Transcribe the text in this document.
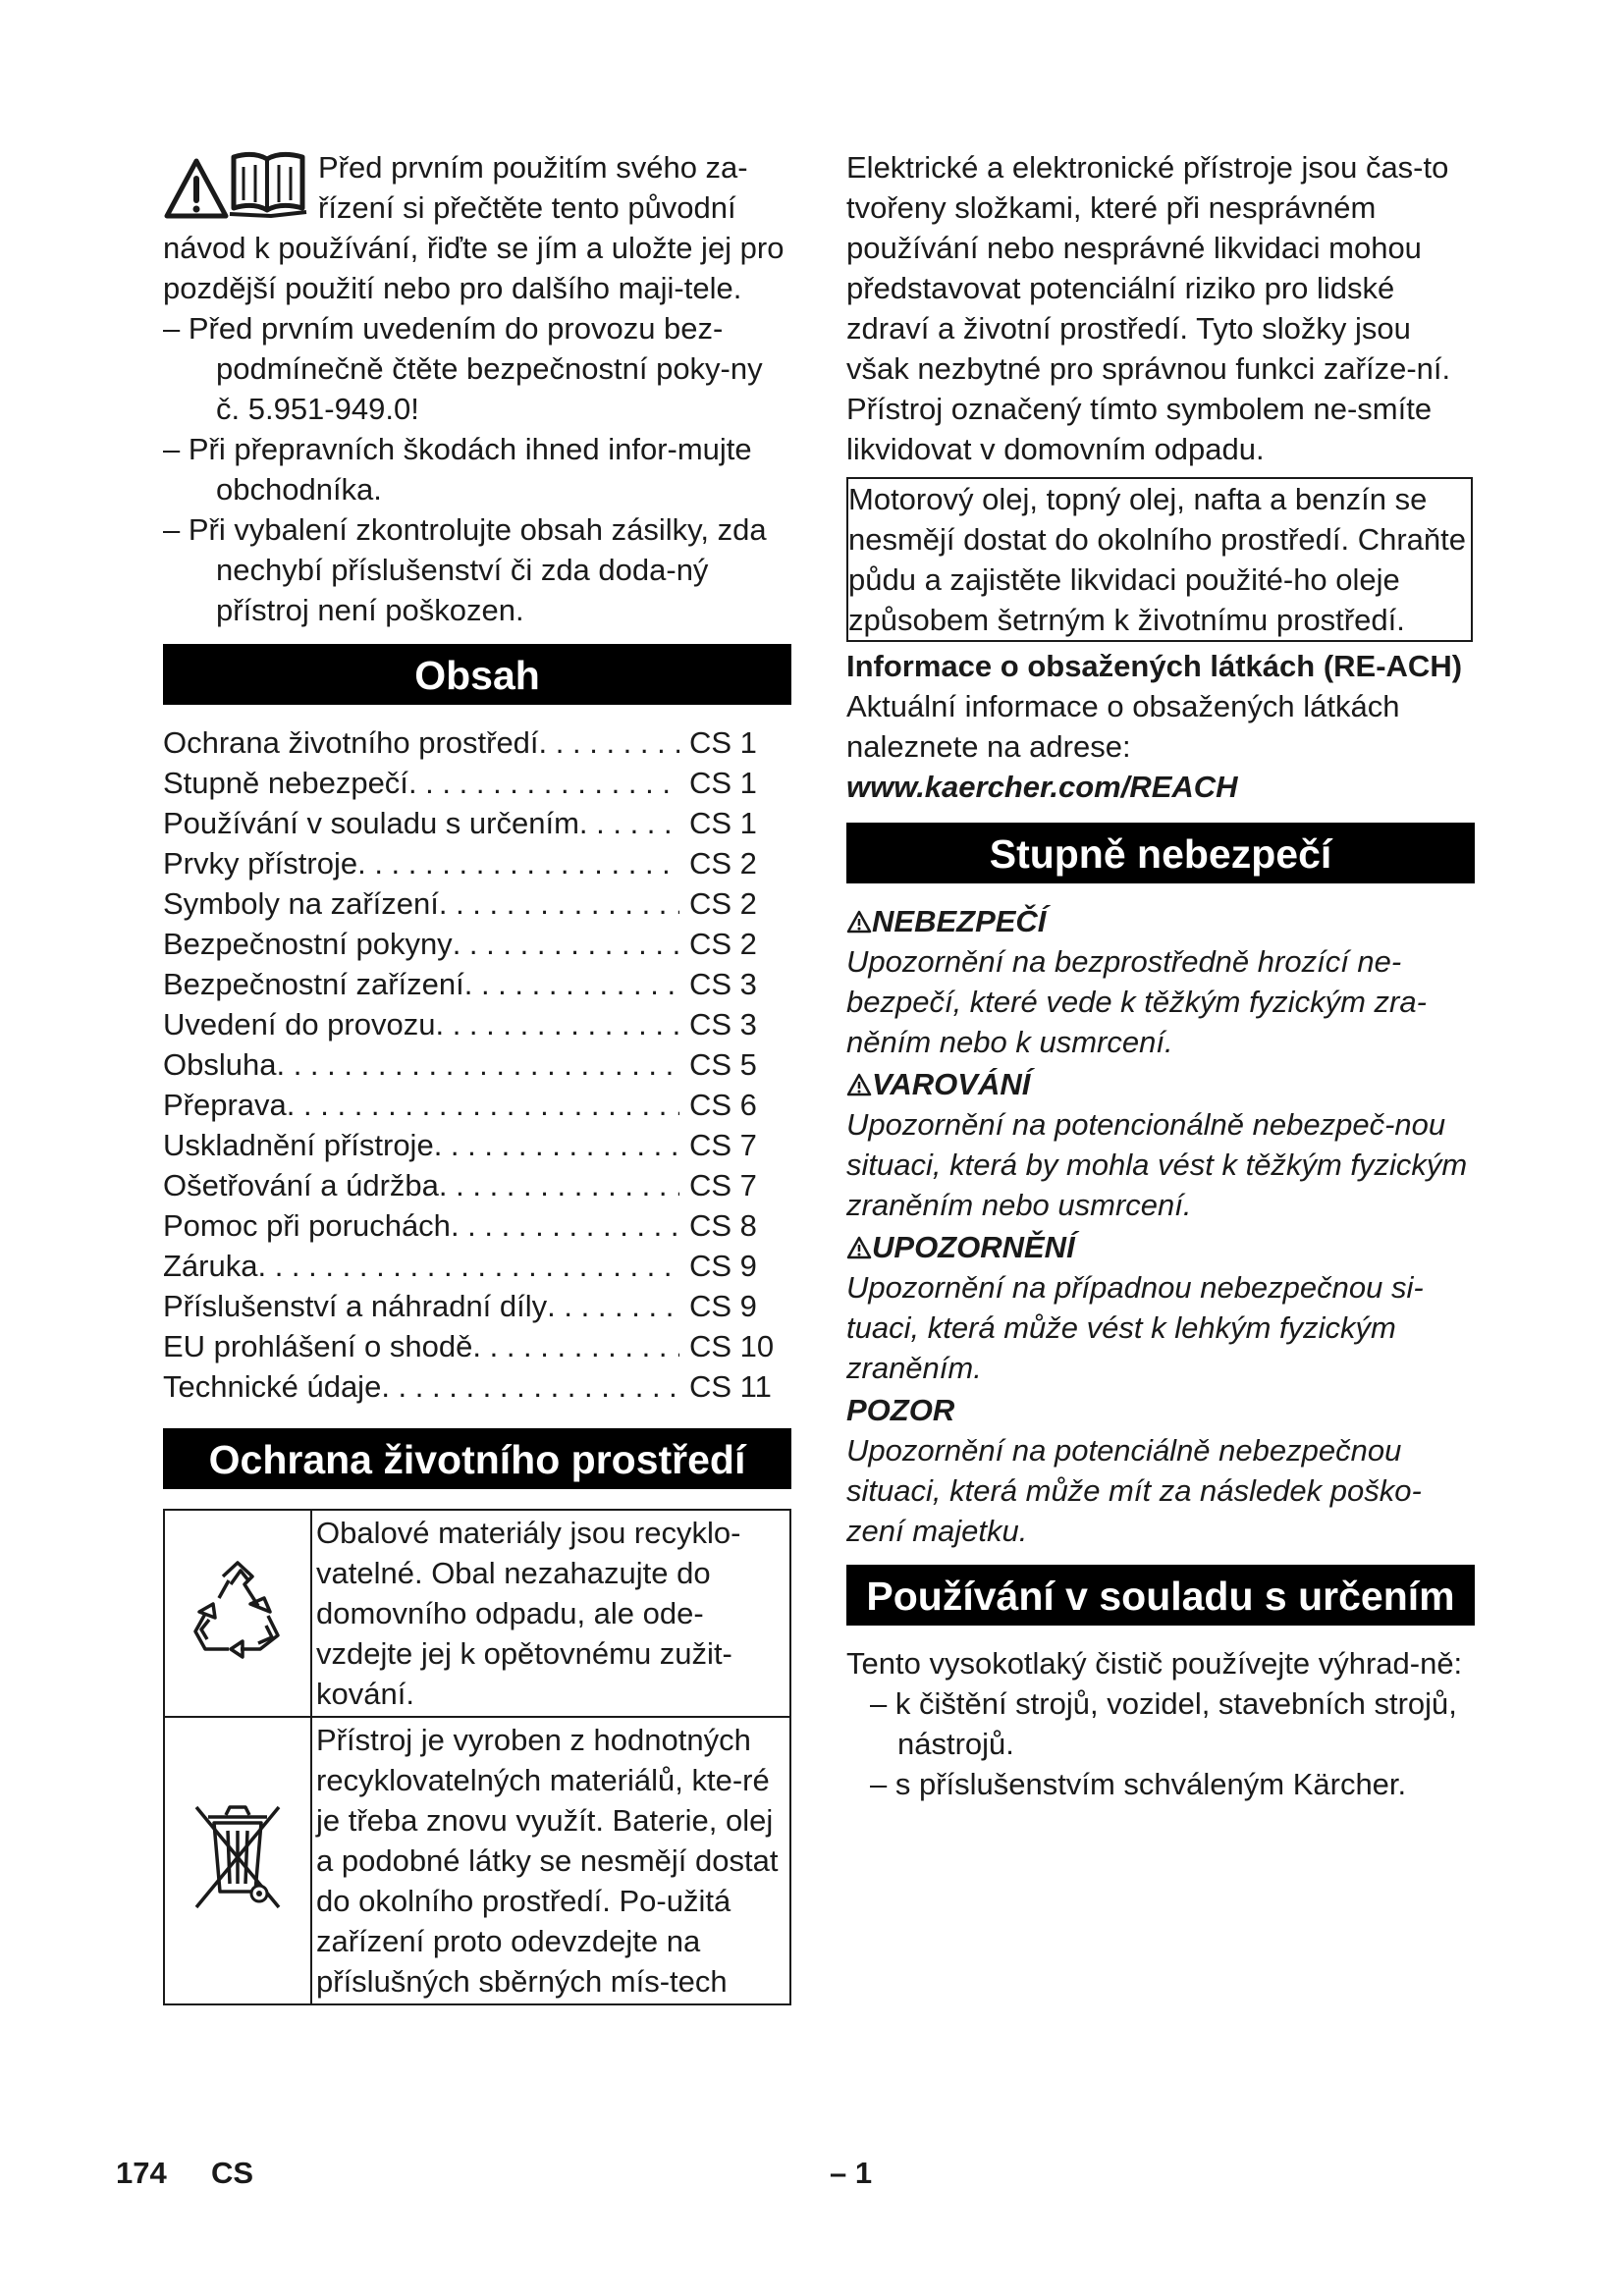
Před prvním použitím svého za-

řízení si přečtěte tento původní

návod k používání, řiďte se jím a uložte jej pro pozdější použití nebo pro dalšího maji-tele.

– Před prvním uvedením do provozu bez-podmínečně čtěte bezpečnostní poky-ny č. 5.951-949.0!

– Při přepravních škodách ihned infor-mujte obchodníka.

– Při vybalení zkontrolujte obsah zásilky, zda nechybí příslušenství či zda doda-ný přístroj není poškozen.

Obsah
Ochrana životního prostředí . . .	CS 1
Stupně nebezpečí . . .	CS 1
Používání v souladu s určením . . .	CS 1
Prvky přístroje . . .	CS 2
Symboly na zařízení . . .	CS 2
Bezpečnostní pokyny . . .	CS 2
Bezpečnostní zařízení . . .	CS 3
Uvedení do provozu . . .	CS 3
Obsluha . . .	CS 5
Přeprava . . .	CS 6
Uskladnění přístroje . . .	CS 7
Ošetřování a údržba . . .	CS 7
Pomoc při poruchách . . .	CS 8
Záruka . . .	CS 9
Příslušenství a náhradní díly . . .	CS 9
EU prohlášení o shodě . . .	CS 10
Technické údaje . . .	CS 11
Ochrana životního prostředí
	Obalové materiály jsou recyklo-vatelné. Obal nezahazujte do domovního odpadu, ale ode-vzdejte jej k opětovnému zužit-kování.
	Přístroj je vyroben z hodnotných recyklovatelných materiálů, kte-ré je třeba znovu využít. Baterie, olej a podobné látky se nesmějí dostat do okolního prostředí. Po-užitá zařízení proto odevzdejte na příslušných sběrných mís-tech

Elektrické a elektronické přístroje jsou čas-to tvořeny složkami, které při nesprávném používání nebo nesprávné likvidaci mohou představovat potenciální riziko pro lidské zdraví a životní prostředí. Tyto složky jsou však nezbytné pro správnou funkci zaříze-ní. Přístroj označený tímto symbolem ne-smíte likvidovat v domovním odpadu.

Motorový olej, topný olej, nafta a benzín se nesmějí dostat do okolního prostředí. Chraňte půdu a zajistěte likvidaci použité-ho oleje způsobem šetrným k životnímu prostředí.

Informace o obsažených látkách (RE-ACH)

Aktuální informace o obsažených látkách naleznete na adrese:

www.kaercher.com/REACH

Stupně nebezpečí

NEBEZPEČÍ

Upozornění na bezprostředně hrozící ne-bezpečí, které vede k těžkým fyzickým zra-něním nebo k usmrcení.

VAROVÁNÍ

Upozornění na potencionálně nebezpeč-nou situaci, která by mohla vést k těžkým fyzickým zraněním nebo usmrcení.

UPOZORNĚNÍ

Upozornění na případnou nebezpečnou si-tuaci, která může vést k lehkým fyzickým zraněním.

POZOR

Upozornění na potenciálně nebezpečnou situaci, která může mít za následek poško-zení majetku.

Používání v souladu s určením

Tento vysokotlaký čistič používejte výhrad-ně:

– k čištění strojů, vozidel, stavebních strojů, nástrojů.

– s příslušenstvím schváleným Kärcher.

174 CS	– 1
